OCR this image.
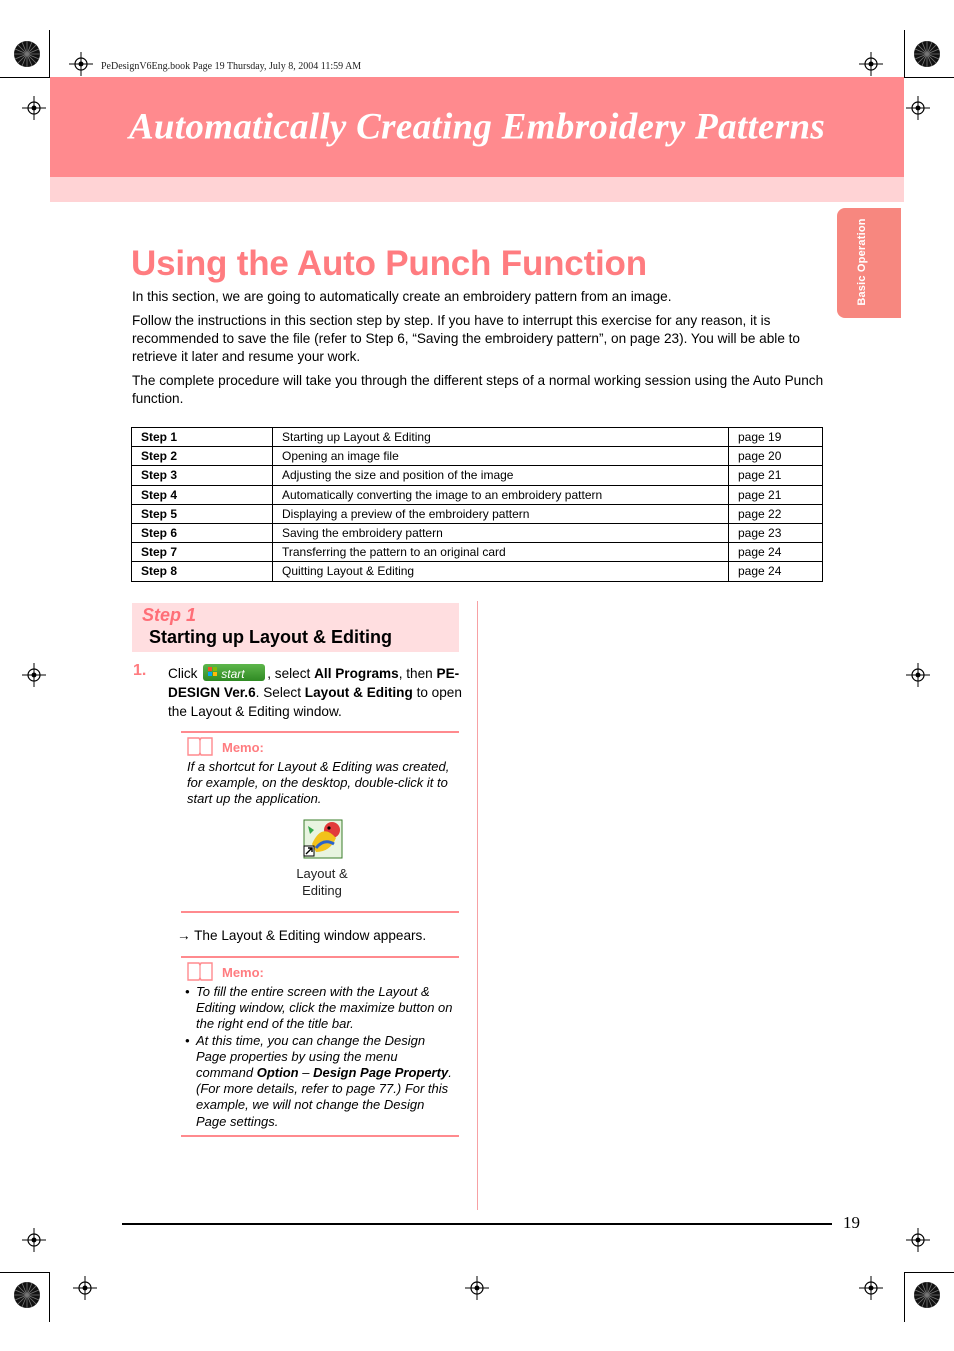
PeDesignV6Eng.book Page 19 Thursday, July 8, 2004 11:59 AM
Automatically Creating Embroidery Patterns
Basic Operation
Using the Auto Punch Function
In this section, we are going to automatically create an embroidery pattern from an image.
Follow the instructions in this section step by step. If you have to interrupt this exercise for any reason, it is recommended to save the file (refer to Step 6, “Saving the embroidery pattern”, on page 23). You will be able to retrieve it later and resume your work.
The complete procedure will take you through the different steps of a normal working session using the Auto Punch function.
Step 1	Starting up Layout & Editing	page 19
Step 2	Opening an image file	page 20
Step 3	Adjusting the size and position of the image	page 21
Step 4	Automatically converting the image to an embroidery pattern	page 21
Step 5	Displaying a preview of the embroidery pattern	page 22
Step 6	Saving the embroidery pattern	page 23
Step 7	Transferring the pattern to an original card	page 24
Step 8	Quitting Layout & Editing	page 24
Step 1
Starting up Layout & Editing
1. Click start , select All Programs, then PE-DESIGN Ver.6. Select Layout & Editing to open the Layout & Editing window.
Memo:
If a shortcut for Layout & Editing was created, for example, on the desktop, double-click it to start up the application.
Layout &
Editing
→ The Layout & Editing window appears.
Memo:
• To fill the entire screen with the Layout & Editing window, click the maximize button on the right end of the title bar.
• At this time, you can change the Design Page properties by using the menu command Option – Design Page Property. (For more details, refer to page 77.) For this example, we will not change the Design Page settings.
19
